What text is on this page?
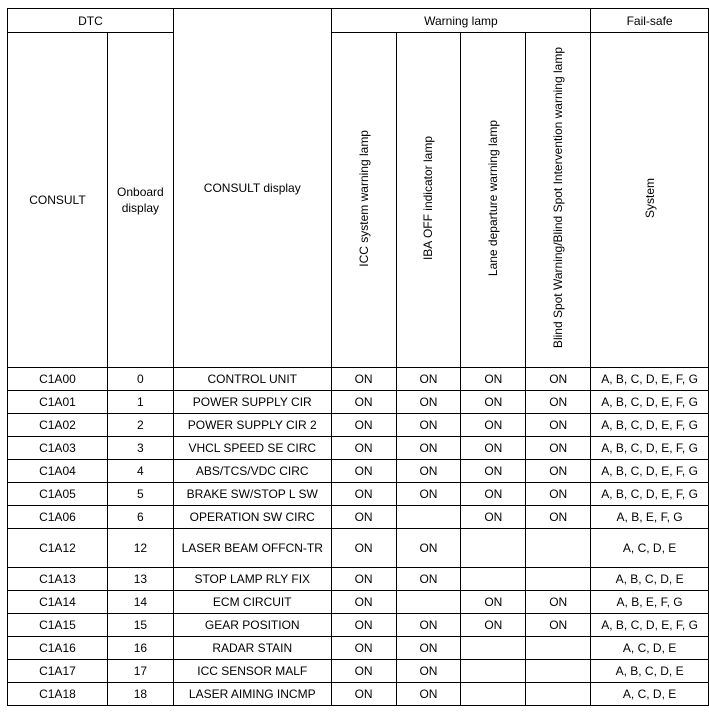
DTC		CONSULT display	Warning lamp				Fail-safe
CONSULT	Onboard display		ICC system warning lamp	IBA OFF indicator lamp	Lane departure warning lamp	Blind Spot Warning/Blind Spot Intervention warning lamp	System
C1A00	0	CONTROL UNIT	ON	ON	ON	ON	A, B, C, D, E, F, G
C1A01	1	POWER SUPPLY CIR	ON	ON	ON	ON	A, B, C, D, E, F, G
C1A02	2	POWER SUPPLY CIR 2	ON	ON	ON	ON	A, B, C, D, E, F, G
C1A03	3	VHCL SPEED SE CIRC	ON	ON	ON	ON	A, B, C, D, E, F, G
C1A04	4	ABS/TCS/VDC CIRC	ON	ON	ON	ON	A, B, C, D, E, F, G
C1A05	5	BRAKE SW/STOP L SW	ON	ON	ON	ON	A, B, C, D, E, F, G
C1A06	6	OPERATION SW CIRC	ON		ON	ON	A, B, E, F, G
C1A12	12	LASER BEAM OFFCN-TR	ON	ON			A, C, D, E
C1A13	13	STOP LAMP RLY FIX	ON	ON			A, B, C, D, E
C1A14	14	ECM CIRCUIT	ON		ON	ON	A, B, E, F, G
C1A15	15	GEAR POSITION	ON	ON	ON	ON	A, B, C, D, E, F, G
C1A16	16	RADAR STAIN	ON	ON			A, C, D, E
C1A17	17	ICC SENSOR MALF	ON	ON			A, B, C, D, E
C1A18	18	LASER AIMING INCMP	ON	ON			A, C, D, E
